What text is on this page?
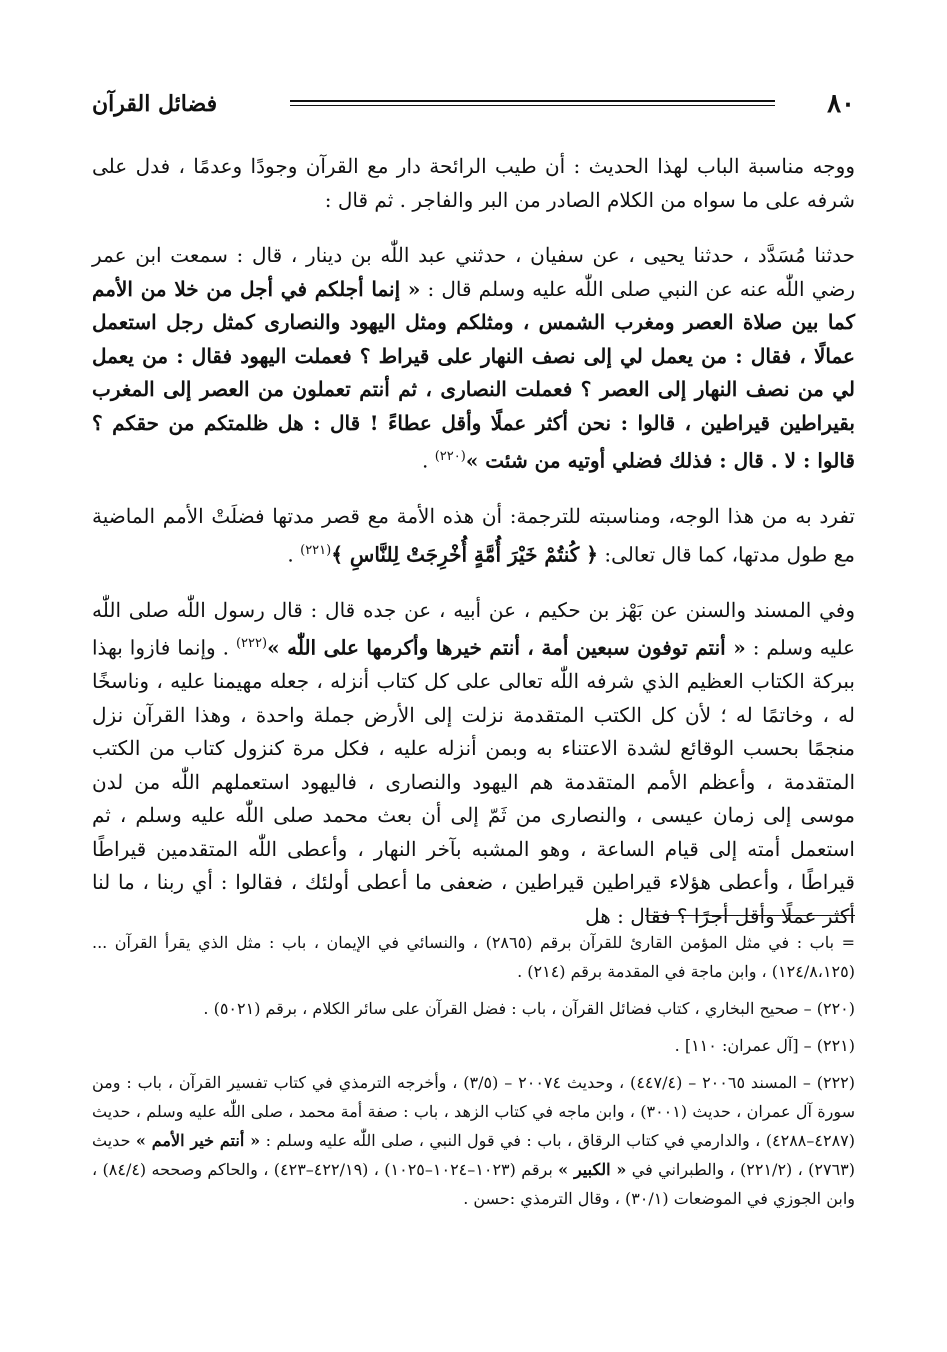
٨٠
فضائل القرآن

ووجه مناسبة الباب لهذا الحديث : أن طيب الرائحة دار مع القرآن وجودًا وعدمًا ، فدل على شرفه على ما سواه من الكلام الصادر من البر والفاجر . ثم قال :

حدثنا مُسَدَّد ، حدثنا يحيى ، عن سفيان ، حدثني عبد اللّٰه بن دينار ، قال : سمعت ابن عمر رضي اللّٰه عنه عن النبي صلى اللّٰه عليه وسلم قال : « إنما أجلكم في أجل من خلا من الأمم كما بين صلاة العصر ومغرب الشمس ، ومثلكم ومثل اليهود والنصارى كمثل رجل استعمل عمالًا ، فقال : من يعمل لي إلى نصف النهار على قيراط ؟ فعملت اليهود فقال : من يعمل لي من نصف النهار إلى العصر ؟ فعملت النصارى ، ثم أنتم تعملون من العصر إلى المغرب بقيراطين قيراطين ، قالوا : نحن أكثر عملًا وأقل عطاءً ! قال : هل ظلمتكم من حقكم ؟ قالوا : لا . قال : فذلك فضلي أوتيه من شئت »$^{(٢٢٠)}$ .

تفرد به من هذا الوجه، ومناسبته للترجمة: أن هذه الأمة مع قصر مدتها فضلَتْ الأمم الماضية مع طول مدتها، كما قال تعالى: ﴿ كُنتُمْ خَيْرَ أُمَّةٍ أُخْرِجَتْ لِلنَّاسِ ﴾$^{(٢٢١)}$ .

وفي المسند والسنن عن بَهْز بن حكيم ، عن أبيه ، عن جده قال : قال رسول اللّٰه صلى اللّٰه عليه وسلم : « أنتم توفون سبعين أمة ، أنتم خيرها وأكرمها على اللّٰه »$^{(٢٢٢)}$ . وإنما فازوا بهذا ببركة الكتاب العظيم الذي شرفه اللّٰه تعالى على كل كتاب أنزله ، جعله مهيمنا عليه ، وناسخًا له ، وخاتمًا له ؛ لأن كل الكتب المتقدمة نزلت إلى الأرض جملة واحدة ، وهذا القرآن نزل منجمًا بحسب الوقائع لشدة الاعتناء به وبمن أنزله عليه ، فكل مرة كنزول كتاب من الكتب المتقدمة ، وأعظم الأمم المتقدمة هم اليهود والنصارى ، فاليهود استعملهم اللّٰه من لدن موسى إلى زمان عيسى ، والنصارى من ثَمّ إلى أن بعث محمد صلى اللّٰه عليه وسلم ، ثم استعمل أمته إلى قيام الساعة ، وهو المشبه بآخر النهار ، وأعطى اللّٰه المتقدمين قيراطًا قيراطًا ، وأعطى هؤلاء قيراطين قيراطين ، ضعفى ما أعطى أولئك ، فقالوا : أي ربنا ، ما لنا أكثر عملًا وأقل أجرًا ؟ فقال : هل

= باب : في مثل المؤمن القارئ للقرآن برقم (٢٨٦٥) ، والنسائي في الإيمان ، باب : مثل الذي يقرأ القرآن ... (١٢٤/٨،١٢٥) ، وابن ماجة في المقدمة برقم (٢١٤) .

(٢٢٠) – صحيح البخاري ، كتاب فضائل القرآن ، باب : فضل القرآن على سائر الكلام ، برقم (٥٠٢١) .

(٢٢١) – [آل عمران: ١١٠] .

(٢٢٢) – المسند ٢٠٠٦٥ – (٤٤٧/٤) ، وحديث ٢٠٠٧٤ – (٣/٥) ، وأخرجه الترمذي في كتاب تفسير القرآن ، باب : ومن سورة آل عمران ، حديث (٣٠٠١) ، وابن ماجه في كتاب الزهد ، باب : صفة أمة محمد ، صلى اللّٰه عليه وسلم ، حديث (٤٢٨٧–٤٢٨٨) ، والدارمي في كتاب الرقاق ، باب : في قول النبي ، صلى اللّٰه عليه وسلم : « أنتم خير الأمم » حديث (٢٧٦٣) ، (٢٢١/٢) ، والطبراني في « الكبير » برقم (١٠٢٣–١٠٢٤–١٠٢٥) ، (٤٢٢/١٩–٤٢٣) ، والحاكم وصححه (٨٤/٤) ، وابن الجوزي في الموضعات (٣٠/١) ، وقال الترمذي :حسن .
